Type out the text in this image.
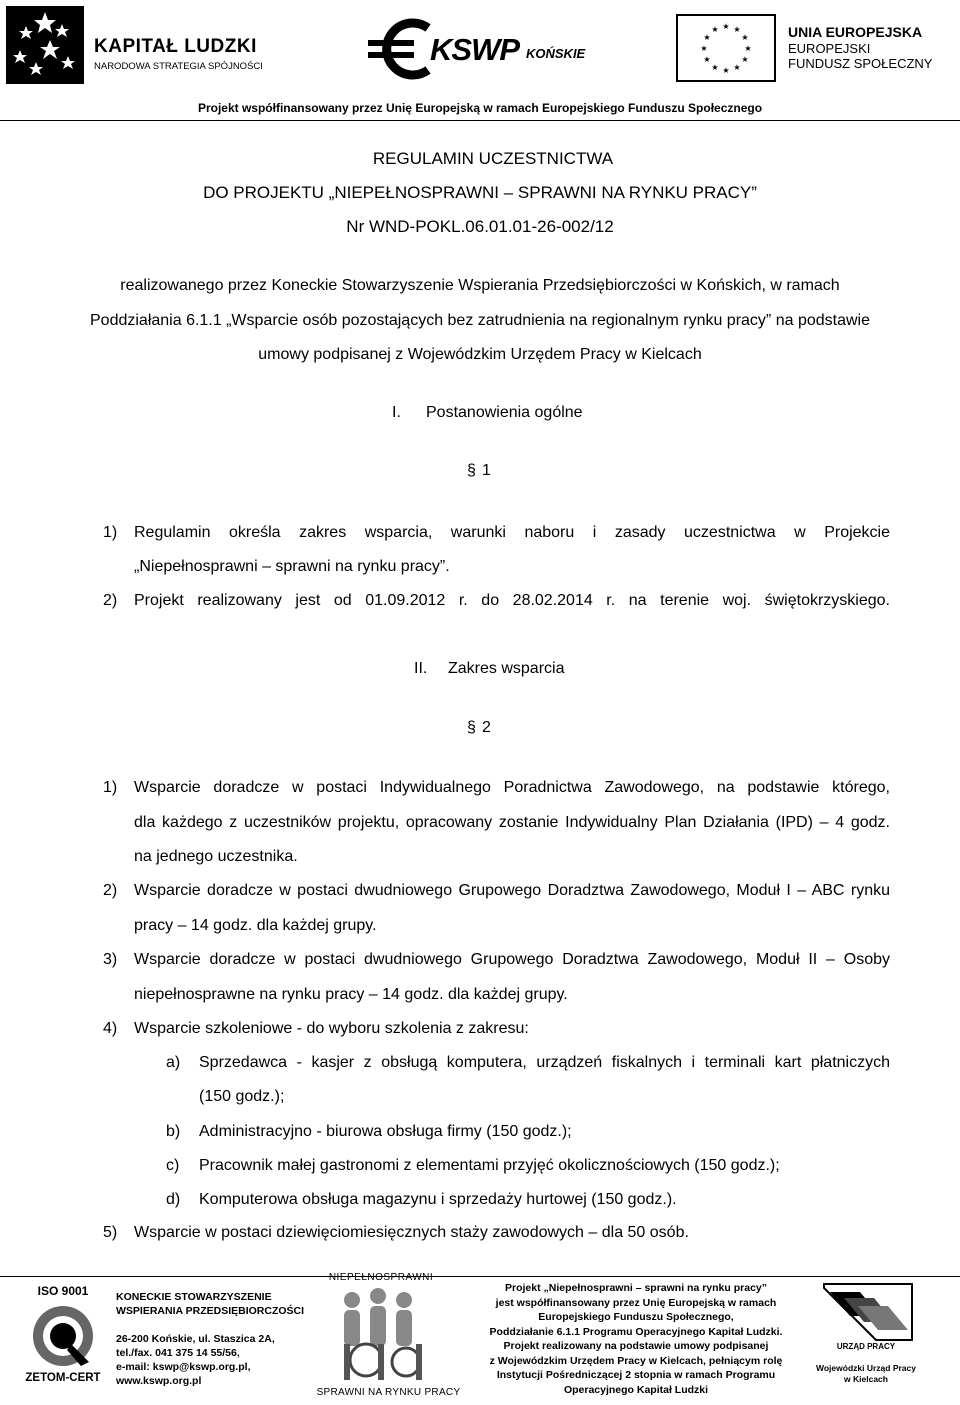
KAPITAŁ LUDZKI
NARODOWA STRATEGIA SPÓJNOŚCI	KSWP KOŃSKIE
★ ★
★
★
★
★
★
★
★
★
★
★	UNIA EUROPEJSKA
EUROPEJSKI
FUNDUSZ SPOŁECZNY
Projekt współfinansowany przez Unię Europejską w ramach Europejskiego Funduszu Społecznego
REGULAMIN UCZESTNICTWA
DO PROJEKTU „NIEPEŁNOSPRAWNI – SPRAWNI NA RYNKU PRACY”
Nr WND-POKL.06.01.01-26-002/12
realizowanego przez Koneckie Stowarzyszenie Wspierania Przedsiębiorczości w Końskich, w ramach
Poddziałania 6.1.1 „Wsparcie osób pozostających bez zatrudnienia na regionalnym rynku pracy” na podstawie
umowy podpisanej z Wojewódzkim Urzędem Pracy w Kielcach
I. Postanowienia ogólne
§ 1
1) Regulamin określa zakres wsparcia, warunki naboru i zasady uczestnictwa w Projekcie
„Niepełnosprawni – sprawni na rynku pracy”.
2) Projekt realizowany jest od 01.09.2012 r. do 28.02.2014 r. na terenie woj. świętokrzyskiego.
II. Zakres wsparcia
§ 2
1) Wsparcie doradcze w postaci Indywidualnego Poradnictwa Zawodowego, na podstawie którego,
dla każdego z uczestników projektu, opracowany zostanie Indywidualny Plan Działania (IPD) – 4 godz.
na jednego uczestnika.
2) Wsparcie doradcze w postaci dwudniowego Grupowego Doradztwa Zawodowego, Moduł I – ABC rynku
pracy – 14 godz. dla każdej grupy.
3) Wsparcie doradcze w postaci dwudniowego Grupowego Doradztwa Zawodowego, Moduł II – Osoby
niepełnosprawne na rynku pracy – 14 godz. dla każdej grupy.
4) Wsparcie szkoleniowe - do wyboru szkolenia z zakresu:
a) Sprzedawca - kasjer z obsługą komputera, urządzeń fiskalnych i terminali kart płatniczych
(150 godz.);
b) Administracyjno - biurowa obsługa firmy (150 godz.);
c) Pracownik małej gastronomi z elementami przyjęć okolicznościowych (150 godz.);
d) Komputerowa obsługa magazynu i sprzedaży hurtowej (150 godz.).
5) Wsparcie w postaci dziewięciomiesięcznych staży zawodowych – dla 50 osób.
ISO 9001
ZETOM-CERT
KONECKIE STOWARZYSZENIE
WSPIERANIA PRZEDSIĘBIORCZOŚCI
26-200 Końskie, ul. Staszica 2A,
tel./fax. 041 375 14 55/56,
e-mail: kswp@kswp.org.pl,
www.kswp.org.pl
NIEPEŁNOSPRAWNI
SPRAWNI NA RYNKU PRACY
Projekt „Niepełnosprawni – sprawni na rynku pracy”
jest współfinansowany przez Unię Europejską w ramach
Europejskiego Funduszu Społecznego,
Poddziałanie 6.1.1 Programu Operacyjnego Kapitał Ludzki.
Projekt realizowany na podstawie umowy podpisanej
z Wojewódzkim Urzędem Pracy w Kielcach, pełniącym rolę
Instytucji Pośredniczącej 2 stopnia w ramach Programu
Operacyjnego Kapitał Ludzki
URZĄD PRACY
Wojewódzki Urząd Pracy
w Kielcach
